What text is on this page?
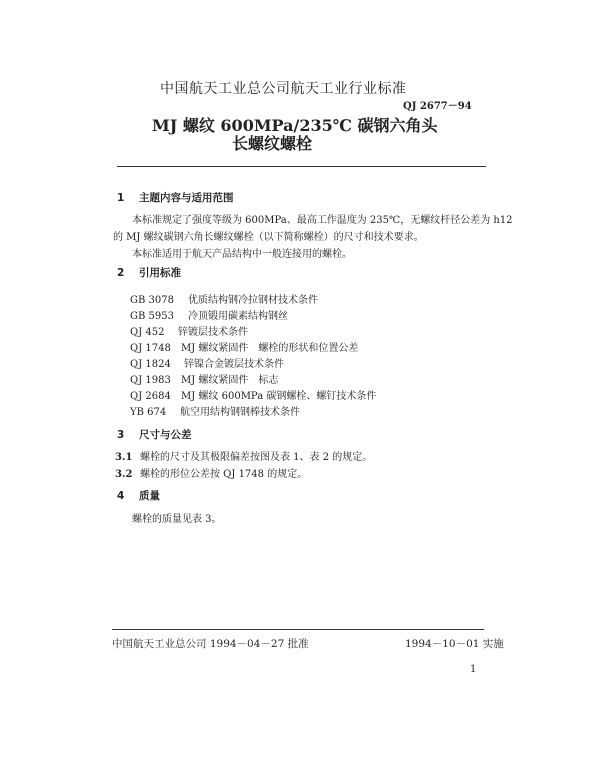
中国航天工业总公司航天工业行业标准
QJ 2677－94
MJ 螺纹 600MPa/235℃ 碳钢六角头
长螺纹螺栓
1 主题内容与适用范围
本标准规定了强度等级为 600MPa、最高工作温度为 235℃，无螺纹杆径公差为 h12
的 MJ 螺纹碳钢六角长螺纹螺栓（以下简称螺栓）的尺寸和技术要求。
本标准适用于航天产品结构中一般连接用的螺栓。
2 引用标准
GB 3078 优质结构钢冷拉钢材技术条件
GB 5953 冷顶锻用碳素结构钢丝
QJ 452 锌镀层技术条件
QJ 1748 MJ 螺纹紧固件　螺栓的形状和位置公差
QJ 1824 锌镍合金镀层技术条件
QJ 1983 MJ 螺纹紧固件　标志
QJ 2684 MJ 螺纹 600MPa 碳钢螺栓、螺钉技术条件
YB 674 航空用结构钢钢棒技术条件
3 尺寸与公差
3.1 螺栓的尺寸及其极限偏差按图及表 1、表 2 的规定。
3.2 螺栓的形位公差按 QJ 1748 的规定。
4 质量
螺栓的质量见表 3。
中国航天工业总公司 1994－04－27 批准	1994－10－01 实施
1
